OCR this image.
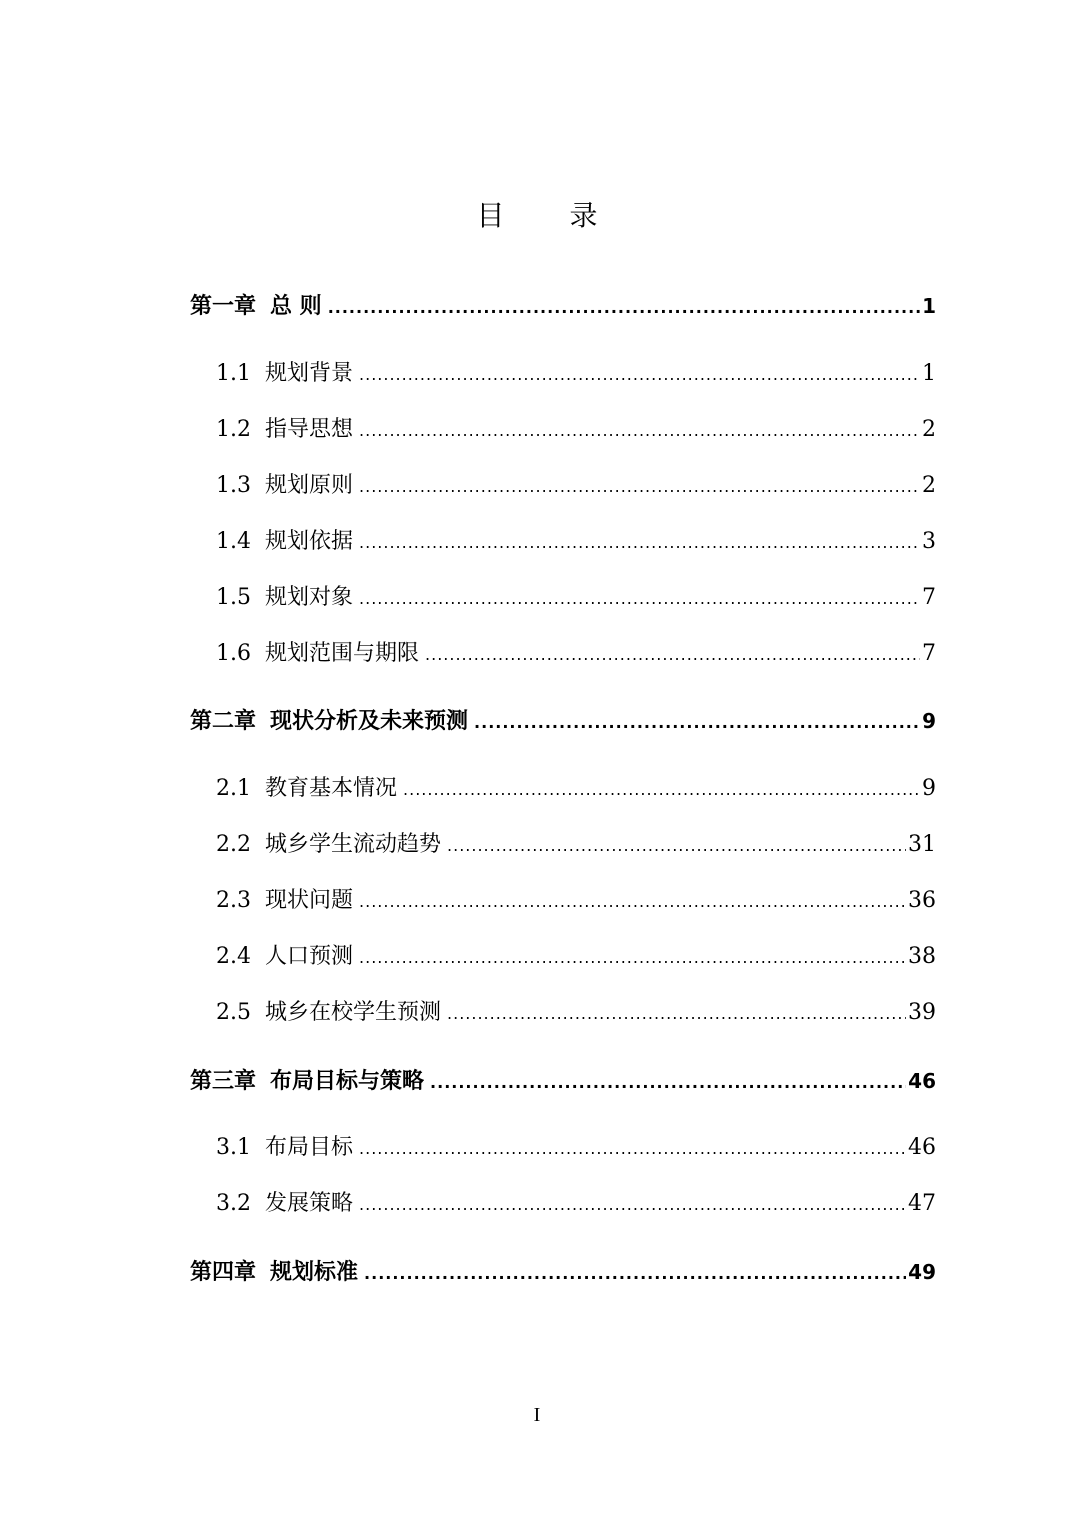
目 录
第一章 总 则 .....	1
1.1 规划背景 .....	1
1.2 指导思想 .....	2
1.3 规划原则 .....	2
1.4 规划依据 .....	3
1.5 规划对象 .....	7
1.6 规划范围与期限 .....	7
第二章 现状分析及未来预测 .....	9
2.1 教育基本情况 .....	9
2.2 城乡学生流动趋势 .....	31
2.3 现状问题 .....	36
2.4 人口预测 .....	38
2.5 城乡在校学生预测 .....	39
第三章 布局目标与策略 .....	46
3.1 布局目标 .....	46
3.2 发展策略 .....	47
第四章 规划标准 .....	49
I
